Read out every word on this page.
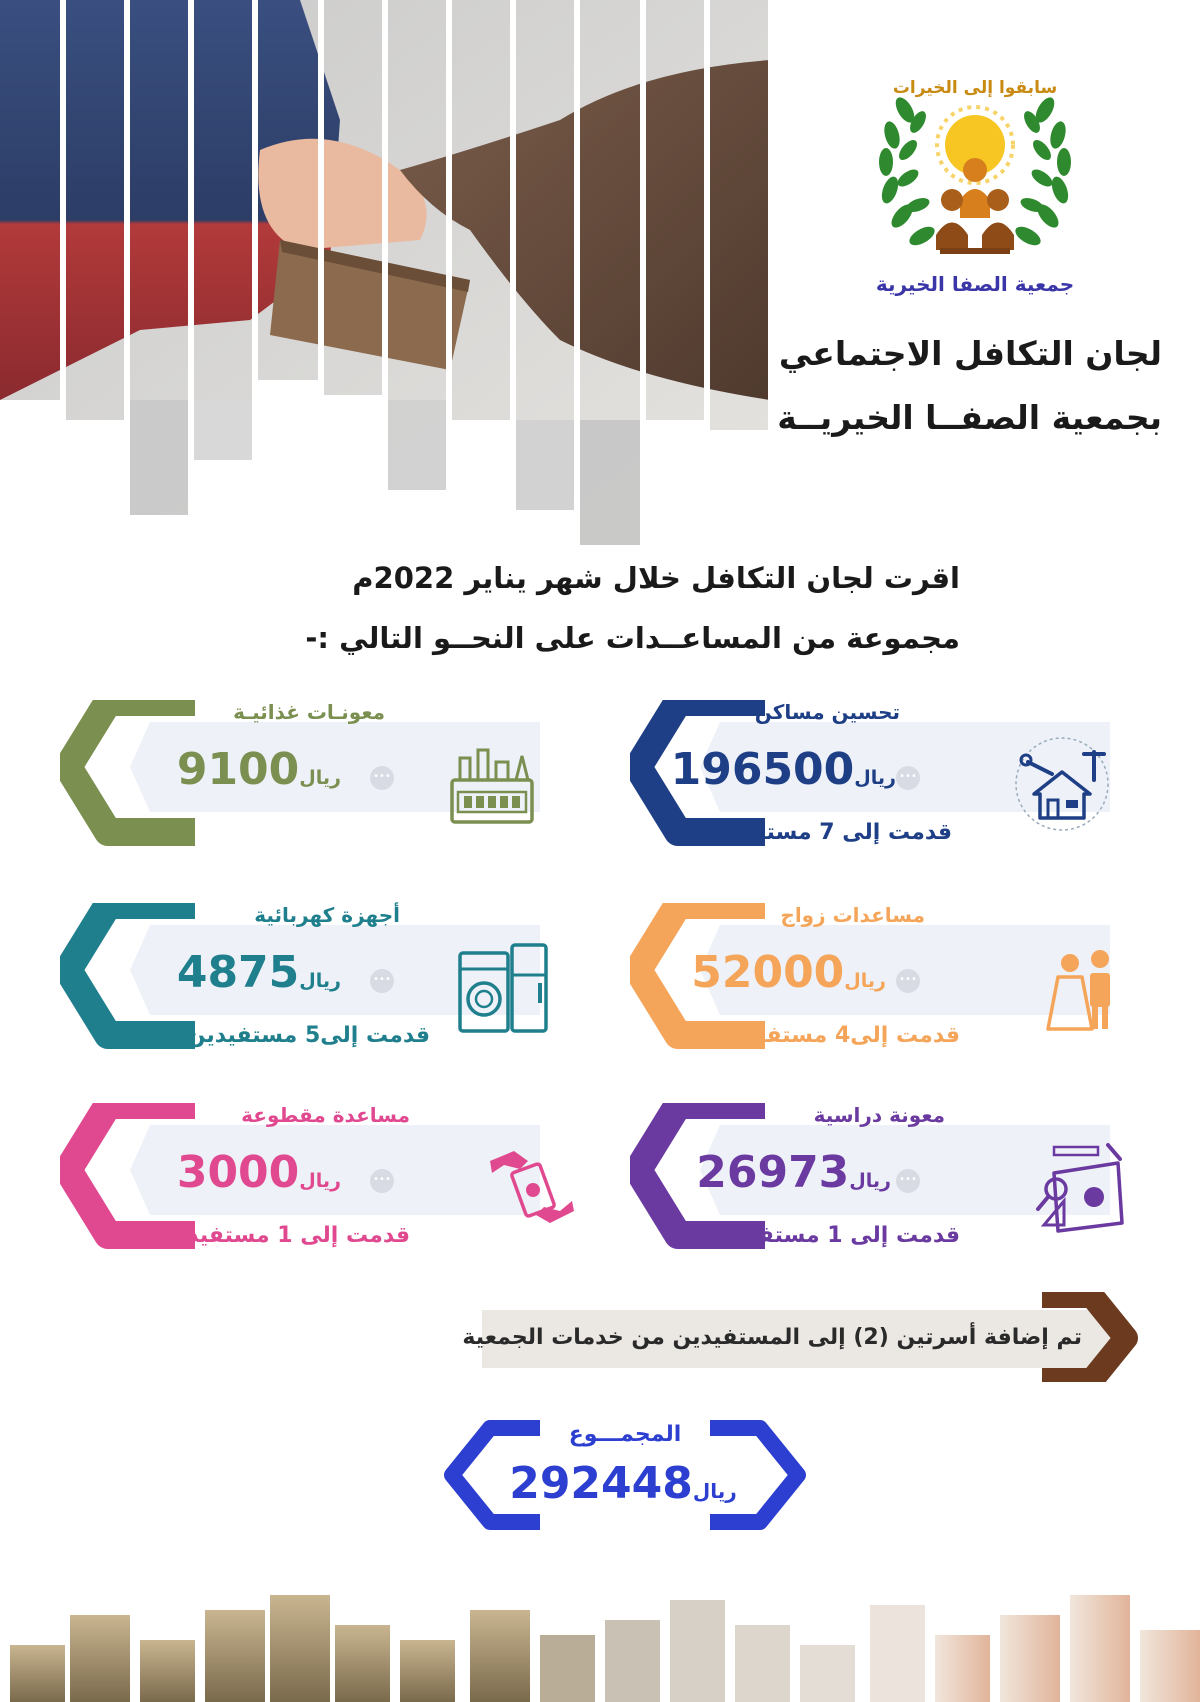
سابقوا إلى الخيرات
جمعية الصفا الخيرية
لجان التكافل الاجتماعي
بجمعية الصفــا الخيريــة
اقرت لجان التكافل خلال شهر يناير 2022م
مجموعة من المساعــدات على النحــو التالي :-
تحسين مساكن
196500ريال •••
قدمت إلى 7 مستفيدين
معونـات غذائيـة
9100ريال	•••
مساعدات زواج
52000ريال	•••
قدمت إلى4 مستفيدين
أجهزة كهربائية
4875ريال	•••
قدمت إلى5 مستفيدين
معونة دراسية
26973ريال •••
قدمت إلى 1 مستفيد
مساعدة مقطوعة
3000ريال	•••
قدمت إلى 1 مستفيد
تم إضافة أسرتين (2) إلى المستفيدين من خدمات الجمعية
المجمـــوع
292448ريال
